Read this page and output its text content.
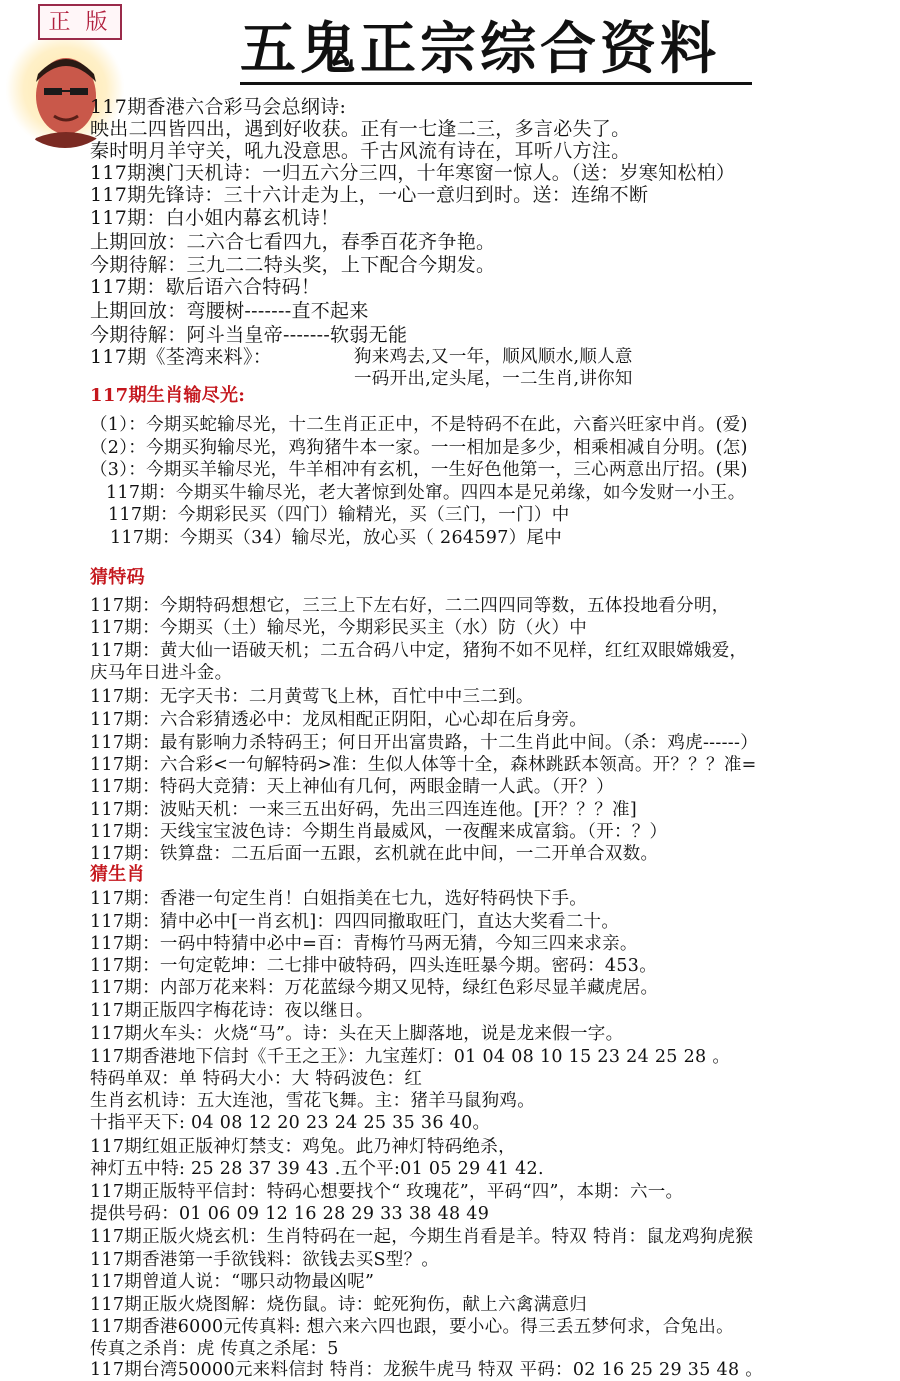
正 版 五鬼正宗综合资料
117期香港六合彩马会总纲诗:
映出二四皆四出，遇到好收获。正有一七逢二三，多言必失了。
秦时明月羊守关，吼九没意思。千古风流有诗在，耳听八方注。
117期澳门天机诗：一归五六分三四，十年寒窗一惊人。（送：岁寒知松柏）
117期先锋诗：三十六计走为上，一心一意归到时。送：连绵不断
117期：白小姐内幕玄机诗！
上期回放：二六合七看四九，春季百花齐争艳。
今期待解：三九二二特头奖，上下配合今期发。
117期：歇后语六合特码！
上期回放：弯腰树-------直不起来
今期待解：阿斗当皇帝-------软弱无能
117期《荃湾来料》：	狗来鸡去,又一年，顺风顺水,顺人意
一码开出,定头尾，一二生肖,讲你知
117期生肖输尽光:
（1）：今期买蛇输尽光，十二生肖正正中，不是特码不在此，六畜兴旺家中肖。(爱)
（2）：今期买狗输尽光，鸡狗猪牛本一家。一一相加是多少，相乘相减自分明。(怎)
（3）：今期买羊输尽光，牛羊相冲有玄机，一生好色他第一，三心两意出厅招。(果)
117期：今期买牛输尽光，老大著惊到处窜。四四本是兄弟缘，如今发财一小王。
117期：今期彩民买（四门）输精光，买（三门，一门）中
117期：今期买（34）输尽光，放心买（ 264597）尾中
猜特码
117期：今期特码想想它，三三上下左右好，二二四四同等数，五体投地看分明，
117期：今期买（土）输尽光，今期彩民买主（水）防（火）中
117期：黄大仙一语破天机；二五合码八中定，猪狗不如不见样，红红双眼嫦娥爱，
庆马年日进斗金。
117期：无字天书：二月黄莺飞上林，百忙中中三二到。
117期：六合彩猜透必中：龙凤相配正阴阳，心心却在后身旁。
117期：最有影响力杀特码王；何日开出富贵路，十二生肖此中间。（杀：鸡虎------）
117期：六合彩<一句解特码>准：生似人体等十全，森林跳跃本领高。开？？？准=
117期：特码大竞猜：天上神仙有几何，两眼金睛一人武。（开？）
117期：波贴天机：一来三五出好码，先出三四连连他。[开？？？准]
117期：天线宝宝波色诗：今期生肖最威风，一夜醒来成富翁。（开：？）
117期：铁算盘：二五后面一五跟，玄机就在此中间，一二开单合双数。
猜生肖
117期：香港一句定生肖！白姐指美在七九，选好特码快下手。
117期：猜中必中[一肖玄机]：四四同撤取旺门，直达大奖看二十。
117期：一码中特猜中必中=百：青梅竹马两无猜，今知三四来求亲。
117期：一句定乾坤：二七排中破特码，四头连旺暴今期。密码：453。
117期：内部万花来料：万花蓝绿今期又见特，绿红色彩尽显羊藏虎居。
117期正版四字梅花诗：夜以继日。
117期火车头：火烧“马”。诗：头在天上脚落地，说是龙来假一字。
117期香港地下信封《千王之王》：九宝莲灯：01 04 08 10 15 23 24 25 28 。
特码单双：单 特码大小：大 特码波色：红
生肖玄机诗：五大连池，雪花飞舞。主：猪羊马鼠狗鸡。
十指平天下: 04 08 12 20 23 24 25 35 36 40。
117期红姐正版神灯禁支：鸡兔。此乃神灯特码绝杀，
神灯五中特: 25 28 37 39 43 .五个平:01 05 29 41 42.
117期正版特平信封：特码心想要找个“ 玫瑰花”，平码“四”，本期：六一。
提供号码：01 06 09 12 16 28 29 33 38 48 49
117期正版火烧玄机：生肖特码在一起，今期生肖看是羊。特双 特肖：鼠龙鸡狗虎猴
117期香港第一手欲钱料：欲钱去买S型？。
117期曾道人说：“哪只动物最凶呢”
117期正版火烧图解：烧伤鼠。诗：蛇死狗伤，献上六禽满意归
117期香港6000元传真料: 想六来六四也跟，要小心。得三丢五梦何求，合兔出。
传真之杀肖：虎 传真之杀尾：5
117期台湾50000元来料信封 特肖：龙猴牛虎马 特双 平码：02 16 25 29 35 48 。
